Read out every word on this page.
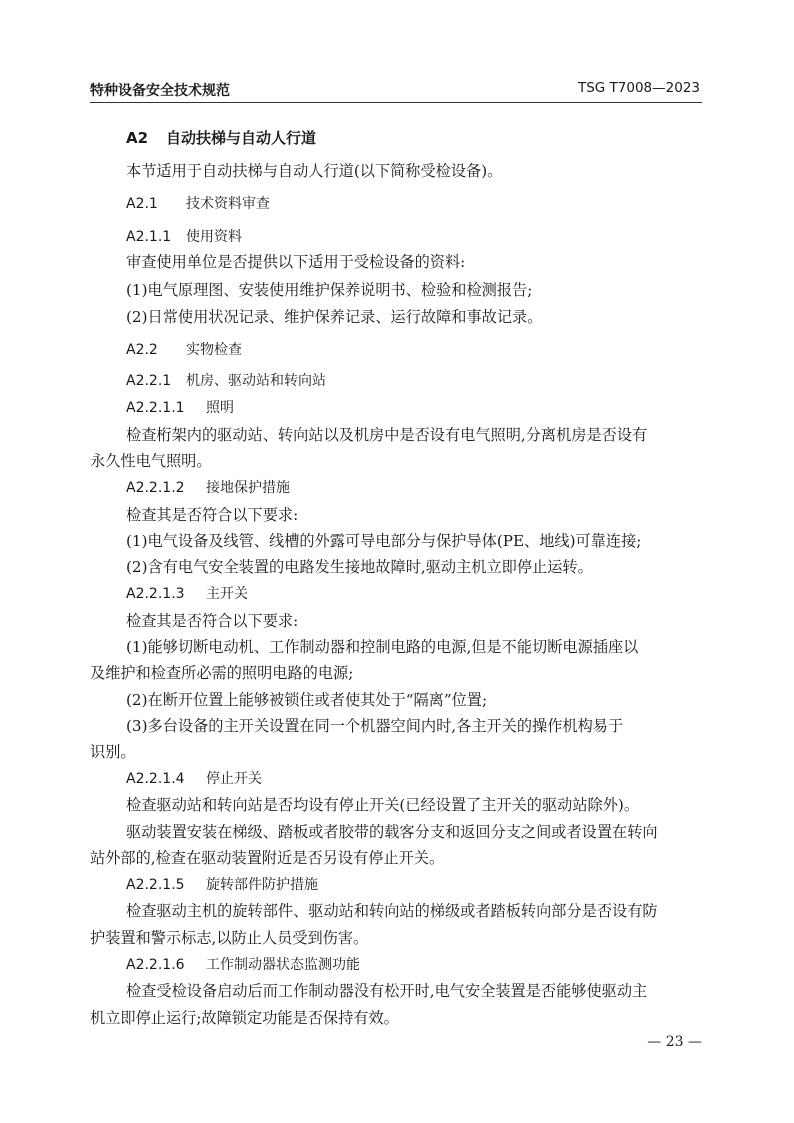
特种设备安全技术规范	TSG T7008—2023
A2 自动扶梯与自动人行道
本节适用于自动扶梯与自动人行道(以下简称受检设备)。
A2.1 技术资料审查
A2.1.1 使用资料
审查使用单位是否提供以下适用于受检设备的资料:
(1)电气原理图、安装使用维护保养说明书、检验和检测报告;
(2)日常使用状况记录、维护保养记录、运行故障和事故记录。
A2.2 实物检查
A2.2.1 机房、驱动站和转向站
A2.2.1.1 照明
检查桁架内的驱动站、转向站以及机房中是否设有电气照明,分离机房是否设有
永久性电气照明。
A2.2.1.2 接地保护措施
检查其是否符合以下要求:
(1)电气设备及线管、线槽的外露可导电部分与保护导体(PE、地线)可靠连接;
(2)含有电气安全装置的电路发生接地故障时,驱动主机立即停止运转。
A2.2.1.3 主开关
检查其是否符合以下要求:
(1)能够切断电动机、工作制动器和控制电路的电源,但是不能切断电源插座以
及维护和检查所必需的照明电路的电源;
(2)在断开位置上能够被锁住或者使其处于“隔离”位置;
(3)多台设备的主开关设置在同一个机器空间内时,各主开关的操作机构易于
识别。
A2.2.1.4 停止开关
检查驱动站和转向站是否均设有停止开关(已经设置了主开关的驱动站除外)。
驱动装置安装在梯级、踏板或者胶带的载客分支和返回分支之间或者设置在转向
站外部的,检查在驱动装置附近是否另设有停止开关。
A2.2.1.5 旋转部件防护措施
检查驱动主机的旋转部件、驱动站和转向站的梯级或者踏板转向部分是否设有防
护装置和警示标志,以防止人员受到伤害。
A2.2.1.6 工作制动器状态监测功能
检查受检设备启动后而工作制动器没有松开时,电气安全装置是否能够使驱动主
机立即停止运行;故障锁定功能是否保持有效。
— 23 —
